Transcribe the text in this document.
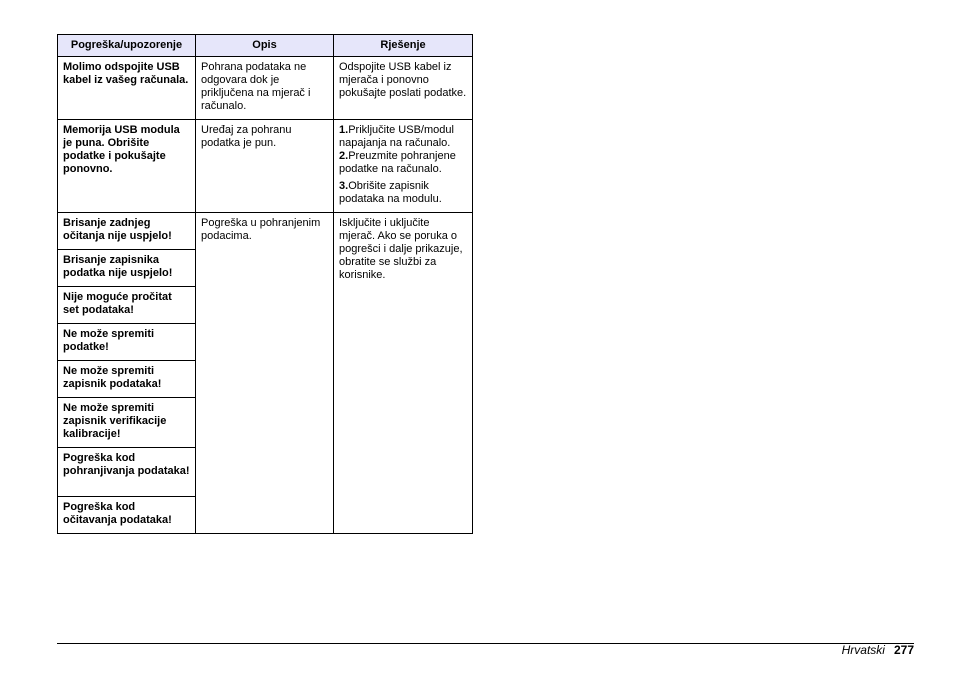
Pogreška/upozorenje	Opis	Rješenje
Molimo odspojite USB kabel iz vašeg računala.	Pohrana podataka ne odgovara dok je priključena na mjerač i računalo.	Odspojite USB kabel iz mjerača i ponovno pokušajte poslati podatke.
Memorija USB modula je puna. Obrišite podatke i pokušajte ponovno.	Uređaj za pohranu podatka je pun.	1.Priključite USB/modul napajanja na računalo.

2.Preuzmite pohranjene podatke na računalo.

3.Obrišite zapisnik podataka na modulu.

Brisanje zadnjeg očitanja nije uspjelo!	Pogreška u pohranjenim podacima.	Isključite i uključite mjerač. Ako se poruka o pogrešci i dalje prikazuje, obratite se službi za korisnike.
Brisanje zapisnika podatka nije uspjelo!		
Nije moguće pročitat set podataka!		
Ne može spremiti podatke!		
Ne može spremiti zapisnik podataka!		
Ne može spremiti zapisnik verifikacije kalibracije!		
Pogreška kod pohranjivanja podataka!		
Pogreška kod očitavanja podataka!		
Hrvatski 277
